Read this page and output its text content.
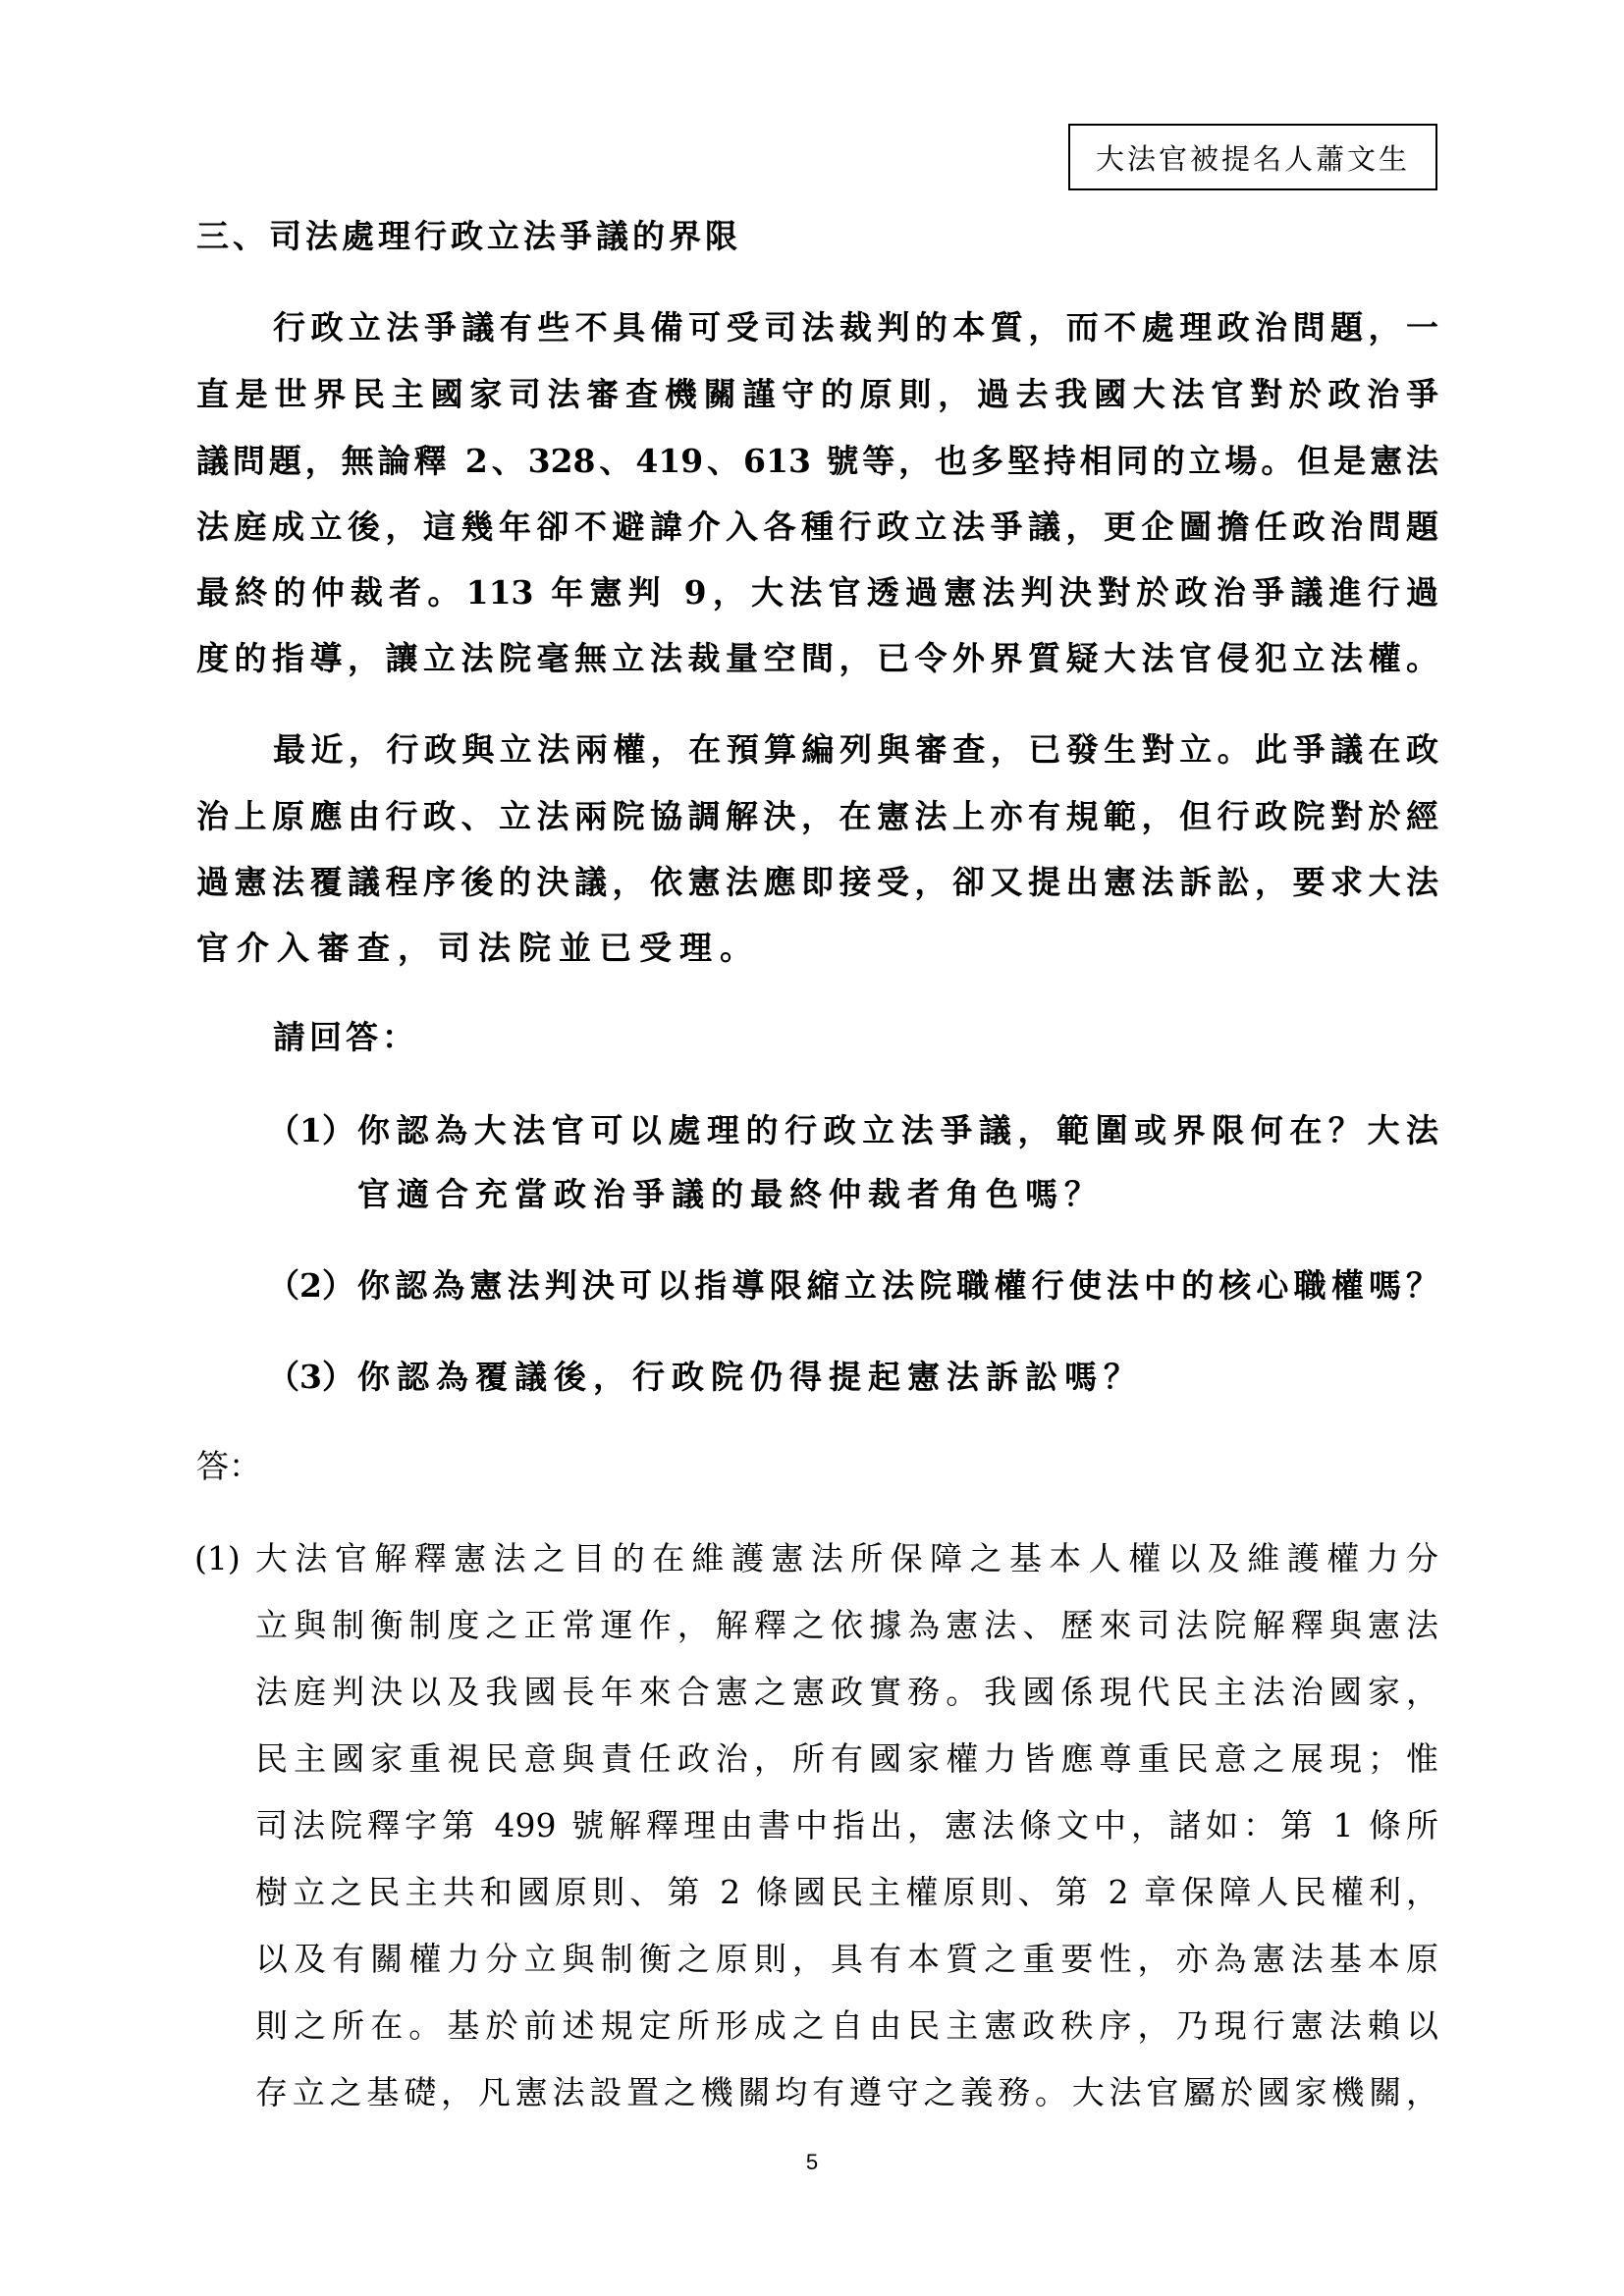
大法官被提名人蕭文生
三、司法處理行政立法爭議的界限
行政立法爭議有些不具備可受司法裁判的本質，而不處理政治問題，一
直是世界民主國家司法審查機關謹守的原則，過去我國大法官對於政治爭
議問題，無論釋 2、328、419、613 號等，也多堅持相同的立場。但是憲法
法庭成立後，這幾年卻不避諱介入各種行政立法爭議，更企圖擔任政治問題
最終的仲裁者。113 年憲判 9，大法官透過憲法判決對於政治爭議進行過
度的指導，讓立法院毫無立法裁量空間，已令外界質疑大法官侵犯立法權。
最近，行政與立法兩權，在預算編列與審查，已發生對立。此爭議在政
治上原應由行政、立法兩院協調解決，在憲法上亦有規範，但行政院對於經
過憲法覆議程序後的決議，依憲法應即接受，卻又提出憲法訴訟，要求大法
官介入審查，司法院並已受理。
請回答：
（1） 你認為大法官可以處理的行政立法爭議，範圍或界限何在？大法
官適合充當政治爭議的最終仲裁者角色嗎？
（2） 你認為憲法判決可以指導限縮立法院職權行使法中的核心職權嗎？
（3） 你認為覆議後，行政院仍得提起憲法訴訟嗎？
答：
(1) 大法官解釋憲法之目的在維護憲法所保障之基本人權以及維護權力分
立與制衡制度之正常運作，解釋之依據為憲法、歷來司法院解釋與憲法
法庭判決以及我國長年來合憲之憲政實務。我國係現代民主法治國家，
民主國家重視民意與責任政治，所有國家權力皆應尊重民意之展現；惟
司法院釋字第 499 號解釋理由書中指出，憲法條文中，諸如：第 1 條所
樹立之民主共和國原則、第 2 條國民主權原則、第 2 章保障人民權利，
以及有關權力分立與制衡之原則，具有本質之重要性，亦為憲法基本原
則之所在。基於前述規定所形成之自由民主憲政秩序，乃現行憲法賴以
存立之基礎，凡憲法設置之機關均有遵守之義務。大法官屬於國家機關，
5
